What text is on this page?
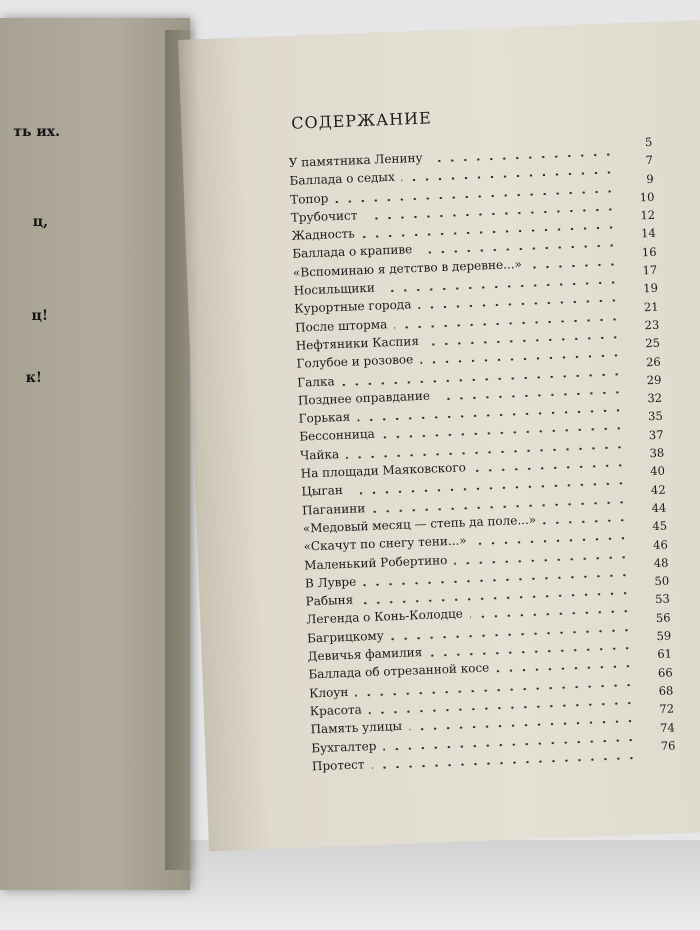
ть их.
ц,
ц!
к!
СОДЕРЖАНИЕ
У памятника Ленину
5
Баллада о седых
7
Топор
9
Трубочист
10
Жадность
12
Баллада о крапиве
14
«Вспоминаю я детство в деревне...»
16
Носильщики
17
Курортные города
19
После шторма
21
Нефтяники Каспия
23
Голубое и розовое
25
Галка
26
Позднее оправдание
29
Горькая
32
Бессонница
35
Чайка
37
На площади Маяковского
38
Цыган
40
Паганини
42
«Медовый месяц — степь да поле...»
44
«Скачут по снегу тени...»
45
Маленький Робертино
46
В Лувре
48
Рабыня
50
Легенда о Конь-Колодце
53
Багрицкому
56
Девичья фамилия
59
Баллада об отрезанной косе
61
Клоун
66
Красота
68
Память улицы
72
Бухгалтер
74
Протест
76
